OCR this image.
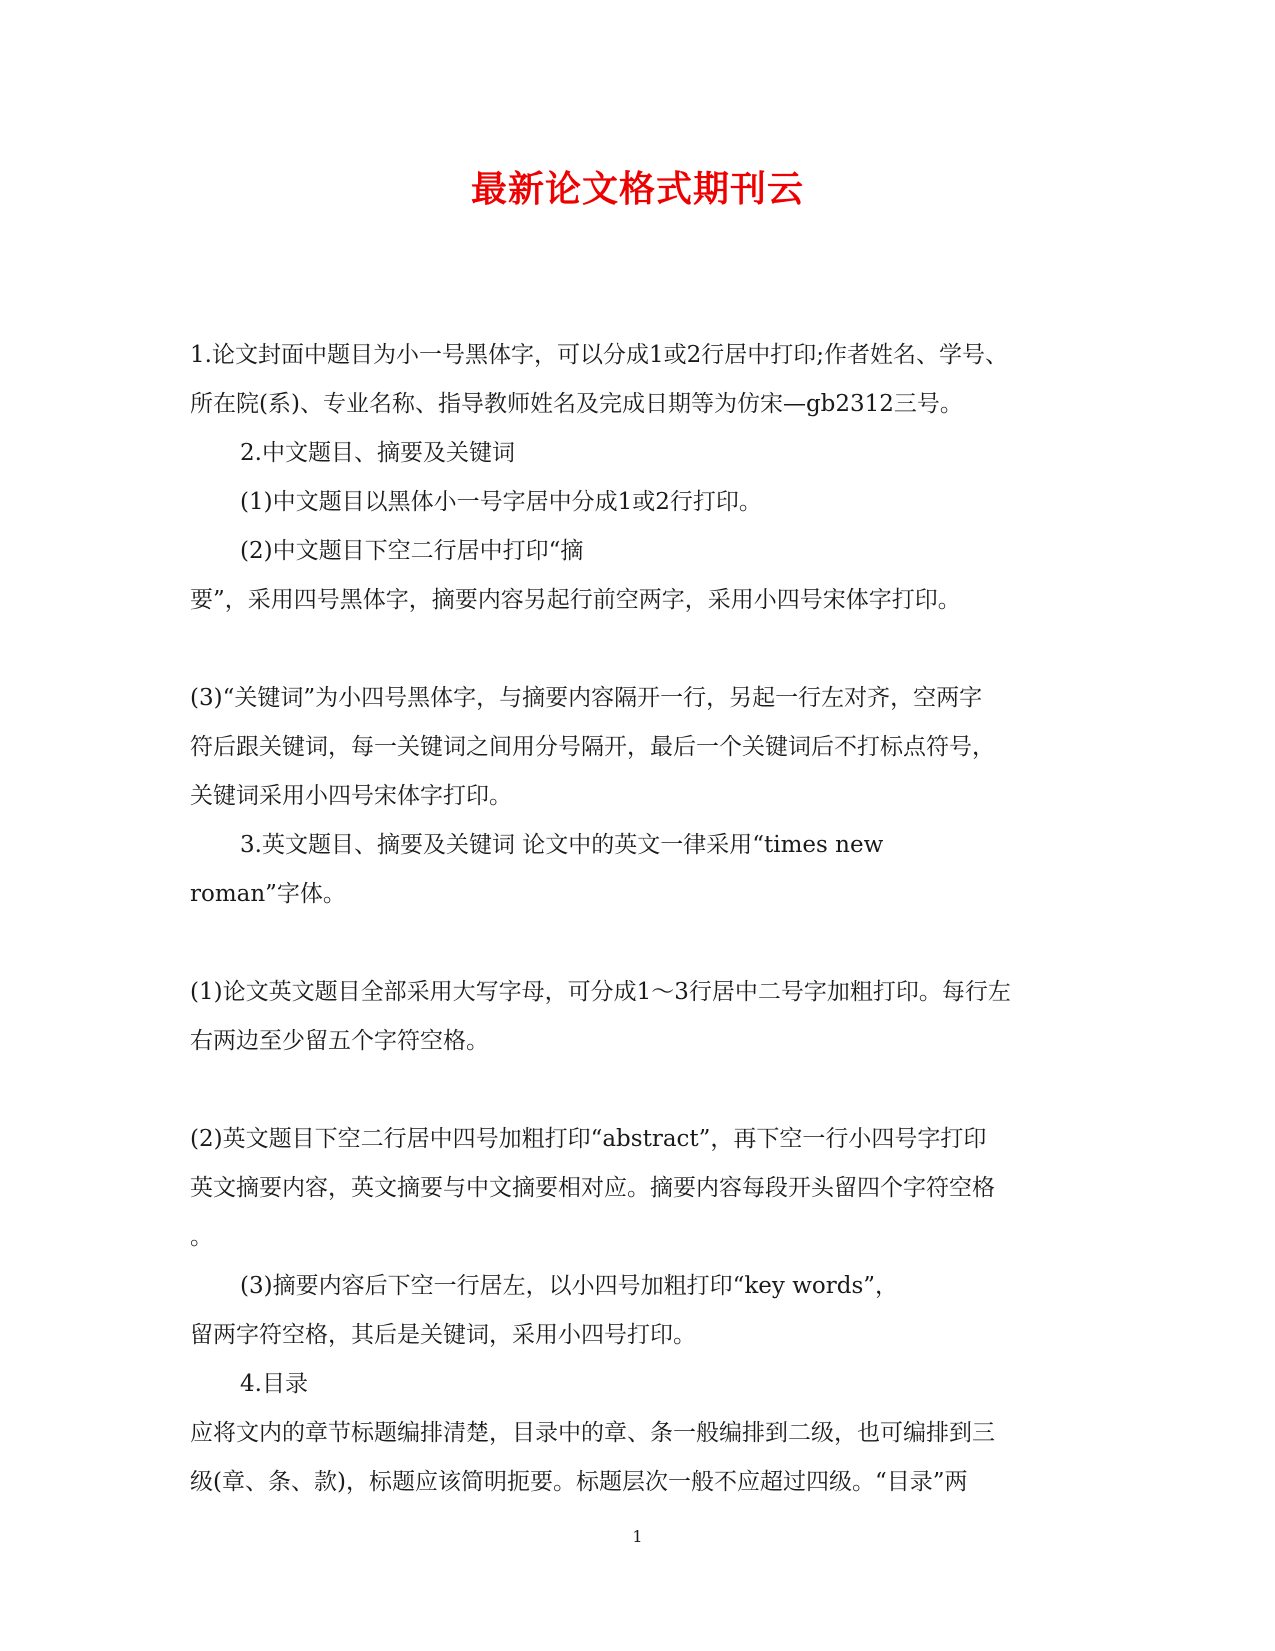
最新论文格式期刊云
1.论文封面中题目为小一号黑体字，可以分成1或2行居中打印;作者姓名、学号、
所在院(系)、专业名称、指导教师姓名及完成日期等为仿宋—gb2312三号。
2.中文题目、摘要及关键词
(1)中文题目以黑体小一号字居中分成1或2行打印。
(2)中文题目下空二行居中打印“摘
要”，采用四号黑体字，摘要内容另起行前空两字，采用小四号宋体字打印。
(3)“关键词”为小四号黑体字，与摘要内容隔开一行，另起一行左对齐，空两字
符后跟关键词，每一关键词之间用分号隔开，最后一个关键词后不打标点符号，
关键词采用小四号宋体字打印。
3.英文题目、摘要及关键词 论文中的英文一律采用“times new
roman”字体。
(1)论文英文题目全部采用大写字母，可分成1～3行居中二号字加粗打印。每行左
右两边至少留五个字符空格。
(2)英文题目下空二行居中四号加粗打印“abstract”，再下空一行小四号字打印
英文摘要内容，英文摘要与中文摘要相对应。摘要内容每段开头留四个字符空格
。
(3)摘要内容后下空一行居左，以小四号加粗打印“key words”，
留两字符空格，其后是关键词，采用小四号打印。
4.目录
应将文内的章节标题编排清楚，目录中的章、条一般编排到二级，也可编排到三
级(章、条、款)，标题应该简明扼要。标题层次一般不应超过四级。“目录”两
1
